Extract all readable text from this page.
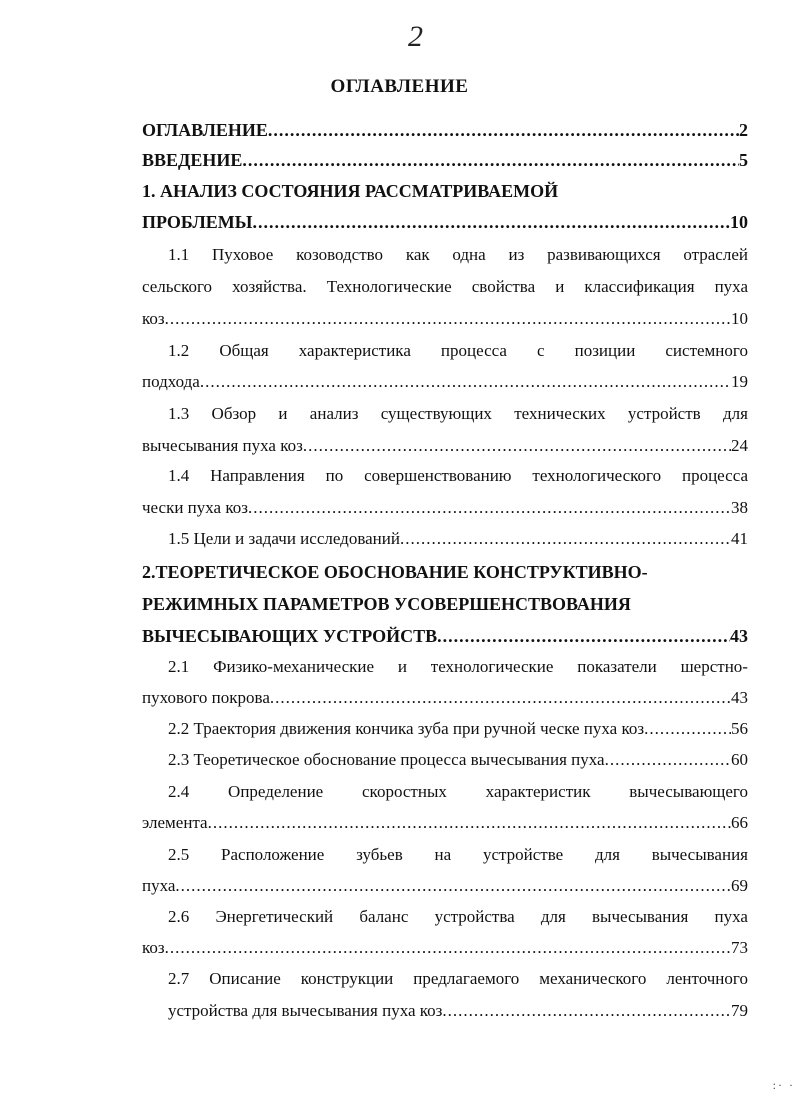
2
ОГЛАВЛЕНИЕ
ОГЛАВЛЕНИЕ .....	2
ВВЕДЕНИЕ .....	5
1. АНАЛИЗ СОСТОЯНИЯ РАССМАТРИВАЕМОЙ
ПРОБЛЕМЫ .....	10
1.1 Пуховое козоводство как одна из развивающихся отраслей
сельского хозяйства. Технологические свойства и классификация пуха
коз .....	10
1.2 Общая характеристика процесса с позиции системного
подхода .....	19
1.3 Обзор и анализ существующих технических устройств для
вычесывания пуха коз .....	24
1.4 Направления по совершенствованию технологического процесса
чески пуха коз .....	38
1.5 Цели и задачи исследований .....	41
2.ТЕОРЕТИЧЕСКОЕ ОБОСНОВАНИЕ КОНСТРУКТИВНО-
РЕЖИМНЫХ ПАРАМЕТРОВ УСОВЕРШЕНСТВОВАНИЯ
ВЫЧЕСЫВАЮЩИХ УСТРОЙСТВ .....	43
2.1 Физико-механические и технологические показатели шерстно-
пухового покрова .....	43
2.2 Траектория движения кончика зуба при ручной ческе пуха коз .....	56
2.3 Теоретическое обоснование процесса вычесывания пуха .....	60
2.4 Определение скоростных характеристик вычесывающего
элемента .....	66
2.5 Расположение зубьев на устройстве для вычесывания
пуха .....	69
2.6 Энергетический баланс устройства для вычесывания пуха
коз .....	73
2.7 Описание конструкции предлагаемого механического ленточного
устройства для вычесывания пуха коз .....	79
:· ·
